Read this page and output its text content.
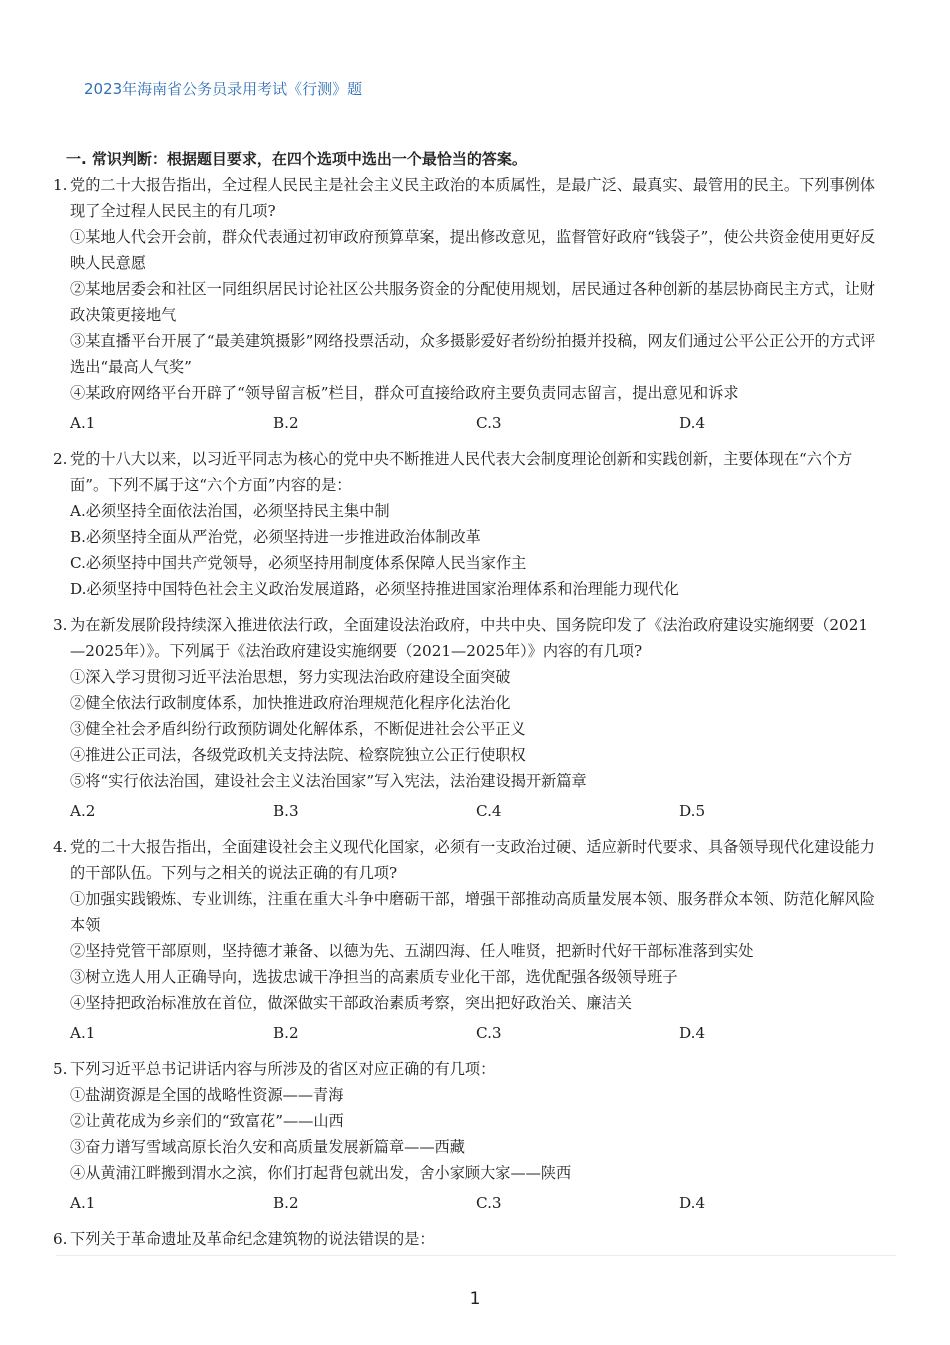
2023年海南省公务员录用考试《行测》题
一. 常识判断：根据题目要求，在四个选项中选出一个最恰当的答案。
1. 党的二十大报告指出，全过程人民民主是社会主义民主政治的本质属性，是最广泛、最真实、最管用的民主。下列事例体现了全过程人民民主的有几项?
①某地人代会开会前，群众代表通过初审政府预算草案，提出修改意见，监督管好政府“钱袋子”，使公共资金使用更好反映人民意愿
②某地居委会和社区一同组织居民讨论社区公共服务资金的分配使用规划，居民通过各种创新的基层协商民主方式，让财政决策更接地气
③某直播平台开展了“最美建筑摄影”网络投票活动，众多摄影爱好者纷纷拍摄并投稿，网友们通过公平公正公开的方式评选出“最高人气奖”
④某政府网络平台开辟了“领导留言板”栏目，群众可直接给政府主要负责同志留言，提出意见和诉求
A.1	B.2	C.3	D.4
2. 党的十八大以来，以习近平同志为核心的党中央不断推进人民代表大会制度理论创新和实践创新，主要体现在“六个方面”。下列不属于这“六个方面”内容的是：
A.必须坚持全面依法治国，必须坚持民主集中制
B.必须坚持全面从严治党，必须坚持进一步推进政治体制改革
C.必须坚持中国共产党领导，必须坚持用制度体系保障人民当家作主
D.必须坚持中国特色社会主义政治发展道路，必须坚持推进国家治理体系和治理能力现代化
3. 为在新发展阶段持续深入推进依法行政，全面建设法治政府，中共中央、国务院印发了《法治政府建设实施纲要（2021—2025年）》。下列属于《法治政府建设实施纲要（2021—2025年）》内容的有几项?
①深入学习贯彻习近平法治思想，努力实现法治政府建设全面突破
②健全依法行政制度体系，加快推进政府治理规范化程序化法治化
③健全社会矛盾纠纷行政预防调处化解体系，不断促进社会公平正义
④推进公正司法，各级党政机关支持法院、检察院独立公正行使职权
⑤将“实行依法治国，建设社会主义法治国家”写入宪法，法治建设揭开新篇章
A.2	B.3	C.4	D.5
4. 党的二十大报告指出，全面建设社会主义现代化国家，必须有一支政治过硬、适应新时代要求、具备领导现代化建设能力的干部队伍。下列与之相关的说法正确的有几项?
①加强实践锻炼、专业训练，注重在重大斗争中磨砺干部，增强干部推动高质量发展本领、服务群众本领、防范化解风险本领
②坚持党管干部原则，坚持德才兼备、以德为先、五湖四海、任人唯贤，把新时代好干部标准落到实处
③树立选人用人正确导向，选拔忠诚干净担当的高素质专业化干部，选优配强各级领导班子
④坚持把政治标准放在首位，做深做实干部政治素质考察，突出把好政治关、廉洁关
A.1	B.2	C.3	D.4
5. 下列习近平总书记讲话内容与所涉及的省区对应正确的有几项：
①盐湖资源是全国的战略性资源——青海
②让黄花成为乡亲们的“致富花”——山西
③奋力谱写雪域高原长治久安和高质量发展新篇章——西藏
④从黄浦江畔搬到渭水之滨，你们打起背包就出发，舍小家顾大家——陕西
A.1	B.2	C.3	D.4
6. 下列关于革命遗址及革命纪念建筑物的说法错误的是：
1
